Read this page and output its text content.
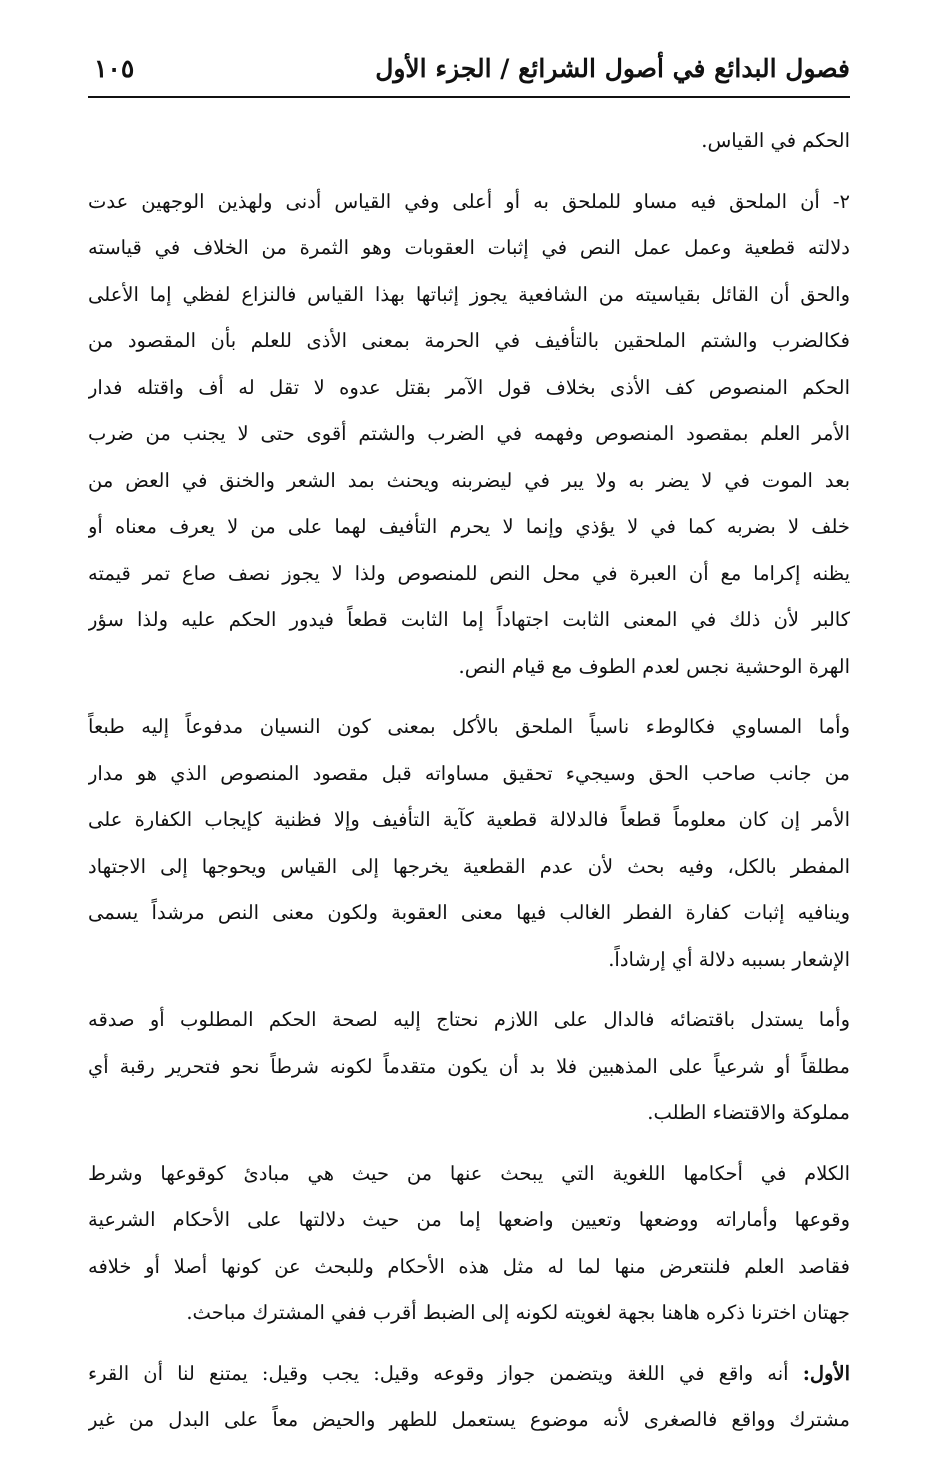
فصول البدائع في أصول الشرائع / الجزء الأول
١٠٥
الحكم في القياس.
٢- أن الملحق فيه مساو للملحق به أو أعلى وفي القياس أدنى ولهذين الوجهين عدت
دلالته قطعية وعمل عمل النص في إثبات العقوبات وهو الثمرة من الخلاف في قياسته
والحق أن القائل بقياسيته من الشافعية يجوز إثباتها بهذا القياس فالنزاع لفظي إما الأعلى
فكالضرب والشتم الملحقين بالتأفيف في الحرمة بمعنى الأذى للعلم بأن المقصود من
الحكم المنصوص كف الأذى بخلاف قول الآمر بقتل عدوه لا تقل له أف واقتله فدار
الأمر العلم بمقصود المنصوص وفهمه في الضرب والشتم أقوى حتى لا يجنب من ضرب
بعد الموت في لا يضر به ولا يبر في ليضربنه ويحنث بمد الشعر والخنق في العض من
خلف لا بضربه كما في لا يؤذي وإنما لا يحرم التأفيف لهما على من لا يعرف معناه أو
يظنه إكراما مع أن العبرة في محل النص للمنصوص ولذا لا يجوز نصف صاع تمر قيمته
كالبر لأن ذلك في المعنى الثابت اجتهاداً إما الثابت قطعاً فيدور الحكم عليه ولذا سؤر
الهرة الوحشية نجس لعدم الطوف مع قيام النص.
وأما المساوي فكالوطء ناسياً الملحق بالأكل بمعنى كون النسيان مدفوعاً إليه طبعاً
من جانب صاحب الحق وسيجيء تحقيق مساواته قبل مقصود المنصوص الذي هو مدار
الأمر إن كان معلوماً قطعاً فالدلالة قطعية كآية التأفيف وإلا فظنية كإيجاب الكفارة على
المفطر بالكل، وفيه بحث لأن عدم القطعية يخرجها إلى القياس ويحوجها إلى الاجتهاد
وينافيه إثبات كفارة الفطر الغالب فيها معنى العقوبة ولكون معنى النص مرشداً يسمى
الإشعار بسببه دلالة أي إرشاداً.
وأما يستدل باقتضائه فالدال على اللازم نحتاج إليه لصحة الحكم المطلوب أو صدقه
مطلقاً أو شرعياً على المذهبين فلا بد أن يكون متقدماً لكونه شرطاً نحو فتحرير رقبة أي
مملوكة والاقتضاء الطلب.
الكلام في أحكامها اللغوية التي يبحث عنها من حيث هي مبادئ كوقوعها وشرط
وقوعها وأماراته ووضعها وتعيين واضعها إما من حيث دلالتها على الأحكام الشرعية
فقاصد العلم فلنتعرض منها لما له مثل هذه الأحكام وللبحث عن كونها أصلا أو خلافه
جهتان اخترنا ذكره هاهنا بجهة لغويته لكونه إلى الضبط أقرب ففي المشترك مباحث.
الأول: أنه واقع في اللغة ويتضمن جواز وقوعه وقيل: يجب وقيل: يمتنع لنا أن القرء
مشترك وواقع فالصغرى لأنه موضوع يستعمل للطهر والحيض معاً على البدل من غير
